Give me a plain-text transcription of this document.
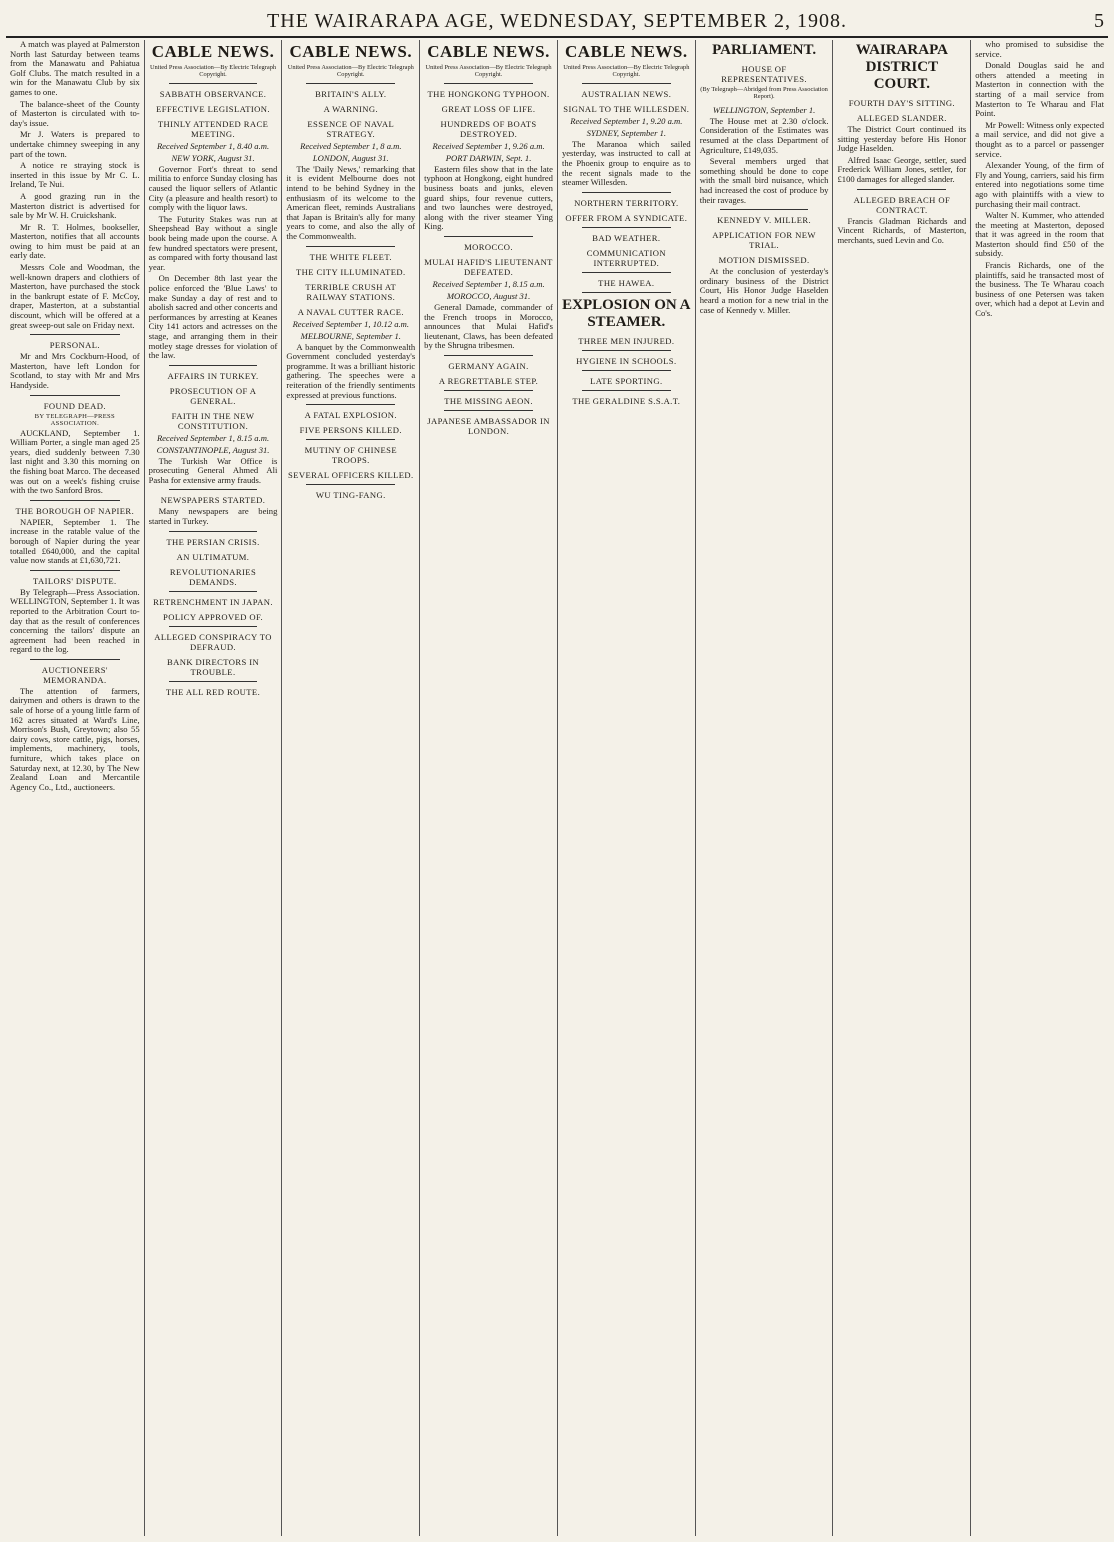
THE WAIRARAPA AGE, WEDNESDAY, SEPTEMBER 2, 1908.	5

A match was played at Palmerston North last Saturday between teams from the Manawatu and Pahiatua Golf Clubs. The match resulted in a win for the Manawatu Club by six games to one.

The balance-sheet of the County of Masterton is circulated with to-day's issue.

Mr J. Waters is prepared to undertake chimney sweeping in any part of the town.

A notice re straying stock is inserted in this issue by Mr C. L. Ireland, Te Nui.

A good grazing run in the Masterton district is advertised for sale by Mr W. H. Cruickshank.

Mr R. T. Holmes, bookseller, Masterton, notifies that all accounts owing to him must be paid at an early date.

Messrs Cole and Woodman, the well-known drapers and clothiers of Masterton, have purchased the stock in the bankrupt estate of F. McCoy, draper, Masterton, at a substantial discount, which will be offered at a great sweep-out sale on Friday next.

PERSONAL.

Mr and Mrs Cockburn-Hood, of Masterton, have left London for Scotland, to stay with Mr and Mrs Handyside.

FOUND DEAD.
BY TELEGRAPH—PRESS ASSOCIATION.

AUCKLAND, September 1. William Porter, a single man aged 25 years, died suddenly between 7.30 last night and 3.30 this morning on the fishing boat Marco. The deceased was out on a week's fishing cruise with the two Sanford Bros.

THE BOROUGH OF NAPIER.

NAPIER, September 1. The increase in the ratable value of the borough of Napier during the year totalled £640,000, and the capital value now stands at £1,630,721.

TAILORS' DISPUTE.

By Telegraph—Press Association. WELLINGTON, September 1. It was reported to the Arbitration Court to-day that as the result of conferences concerning the tailors' dispute an agreement had been reached in regard to the log.

AUCTIONEERS' MEMORANDA.

The attention of farmers, dairymen and others is drawn to the sale of horse of a young little farm of 162 acres situated at Ward's Line, Morrison's Bush, Greytown; also 55 dairy cows, store cattle, pigs, horses, implements, machinery, tools, furniture, which takes place on Saturday next, at 12.30, by The New Zealand Loan and Mercantile Agency Co., Ltd., auctioneers.

CABLE NEWS.
United Press Association—By Electric Telegraph Copyright.
SABBATH OBSERVANCE.
EFFECTIVE LEGISLATION.
THINLY ATTENDED RACE MEETING.
Received September 1, 8.40 a.m.
NEW YORK, August 31.

Governor Fort's threat to send militia to enforce Sunday closing has caused the liquor sellers of Atlantic City (a pleasure and health resort) to comply with the liquor laws.

The Futurity Stakes was run at Sheepshead Bay without a single book being made upon the course. A few hundred spectators were present, as compared with forty thousand last year.

On December 8th last year the police enforced the 'Blue Laws' to make Sunday a day of rest and to abolish sacred and other concerts and performances by arresting at Keanes City 141 actors and actresses on the stage, and arranging them in their motley stage dresses for violation of the law.

AFFAIRS IN TURKEY.
PROSECUTION OF A GENERAL.
FAITH IN THE NEW CONSTITUTION.
Received September 1, 8.15 a.m.
CONSTANTINOPLE, August 31.

The Turkish War Office is prosecuting General Ahmed Ali Pasha for extensive army frauds.

NEWSPAPERS STARTED.

Many newspapers are being started in Turkey.

THE PERSIAN CRISIS.
AN ULTIMATUM.
REVOLUTIONARIES DEMANDS.
RETRENCHMENT IN JAPAN.
POLICY APPROVED OF.
ALLEGED CONSPIRACY TO DEFRAUD.
BANK DIRECTORS IN TROUBLE.
THE ALL RED ROUTE.
CABLE NEWS.
United Press Association—By Electric Telegraph Copyright.
BRITAIN'S ALLY.
A WARNING.
ESSENCE OF NAVAL STRATEGY.
Received September 1, 8 a.m.
LONDON, August 31.

The 'Daily News,' remarking that it is evident Melbourne does not intend to be behind Sydney in the enthusiasm of its welcome to the American fleet, reminds Australians that Japan is Britain's ally for many years to come, and also the ally of the Commonwealth.

THE WHITE FLEET.
THE CITY ILLUMINATED.
TERRIBLE CRUSH AT RAILWAY STATIONS.
A NAVAL CUTTER RACE.
Received September 1, 10.12 a.m.
MELBOURNE, September 1.

A banquet by the Commonwealth Government concluded yesterday's programme. It was a brilliant historic gathering. The speeches were a reiteration of the friendly sentiments expressed at previous functions.

A FATAL EXPLOSION.
FIVE PERSONS KILLED.
MUTINY OF CHINESE TROOPS.
SEVERAL OFFICERS KILLED.
WU TING-FANG.
CABLE NEWS.
United Press Association—By Electric Telegraph Copyright.
THE HONGKONG TYPHOON.
GREAT LOSS OF LIFE.
HUNDREDS OF BOATS DESTROYED.
Received September 1, 9.26 a.m.
PORT DARWIN, Sept. 1.

Eastern files show that in the late typhoon at Hongkong, eight hundred business boats and junks, eleven guard ships, four revenue cutters, and two launches were destroyed, along with the river steamer Ying King.

MOROCCO.
MULAI HAFID'S LIEUTENANT DEFEATED.
Received September 1, 8.15 a.m.
MOROCCO, August 31.

General Damade, commander of the French troops in Morocco, announces that Mulai Hafid's lieutenant, Claws, has been defeated by the Shrugna tribesmen.

GERMANY AGAIN.
A REGRETTABLE STEP.
THE MISSING AEON.
JAPANESE AMBASSADOR IN LONDON.
CABLE NEWS.
United Press Association—By Electric Telegraph Copyright.
AUSTRALIAN NEWS.
SIGNAL TO THE WILLESDEN.
Received September 1, 9.20 a.m.
SYDNEY, September 1.

The Maranoa which sailed yesterday, was instructed to call at the Phoenix group to enquire as to the recent signals made to the steamer Willesden.

NORTHERN TERRITORY.
OFFER FROM A SYNDICATE.
BAD WEATHER.
COMMUNICATION INTERRUPTED.
THE HAWEA.
EXPLOSION ON A STEAMER.
THREE MEN INJURED.
HYGIENE IN SCHOOLS.
LATE SPORTING.
THE GERALDINE S.S.A.T.
PARLIAMENT.
HOUSE OF REPRESENTATIVES.
(By Telegraph—Abridged from Press Association Report).
WELLINGTON, September 1.

The House met at 2.30 o'clock. Consideration of the Estimates was resumed at the class Department of Agriculture, £149,035.

Several members urged that something should be done to cope with the small bird nuisance, which had increased the cost of produce by their ravages.

KENNEDY V. MILLER.
APPLICATION FOR NEW TRIAL.
MOTION DISMISSED.

At the conclusion of yesterday's ordinary business of the District Court, His Honor Judge Haselden heard a motion for a new trial in the case of Kennedy v. Miller.

WAIRARAPA DISTRICT COURT.
FOURTH DAY'S SITTING.
ALLEGED SLANDER.

The District Court continued its sitting yesterday before His Honor Judge Haselden.

Alfred Isaac George, settler, sued Frederick William Jones, settler, for £100 damages for alleged slander.

ALLEGED BREACH OF CONTRACT.

Francis Gladman Richards and Vincent Richards, of Masterton, merchants, sued Levin and Co.

who promised to subsidise the service.

Donald Douglas said he and others attended a meeting in Masterton in connection with the starting of a mail service from Masterton to Te Wharau and Flat Point.

Mr Powell: Witness only expected a mail service, and did not give a thought as to a parcel or passenger service.

Alexander Young, of the firm of Fly and Young, carriers, said his firm entered into negotiations some time ago with plaintiffs with a view to purchasing their mail contract.

Walter N. Kummer, who attended the meeting at Masterton, deposed that it was agreed in the room that Masterton should find £50 of the subsidy.

Francis Richards, one of the plaintiffs, said he transacted most of the business. The Te Wharau coach business of one Petersen was taken over, which had a depot at Levin and Co's.
